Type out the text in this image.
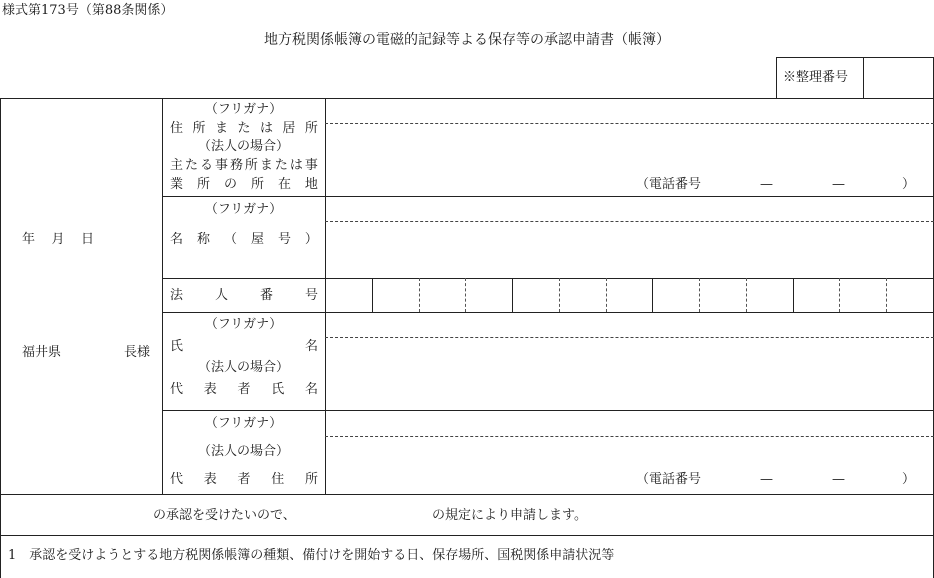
様式第173号（第88条関係）
地方税関係帳簿の電磁的記録等よる保存等の承認申請書（帳簿）
※整理番号
年 月 日
福井県	長様
（フリガナ）
住 所 ま た は 居 所
（法人の場合）
主 た る 事 務 所 ま た は 事
業 所 の 所 在 地	（電話番号	—	—	）
（フリガナ）
名 称 （ 屋 号 ）
法 人 番 号
（フリガナ）
氏	名
（法人の場合）
代 表 者 氏 名
（フリガナ）
（法人の場合）
代 表 者 住 所	（電話番号	—	—	）
の承認を受けたいので、	の規定により申請します。
1　承認を受けようとする地方税関係帳簿の種類、備付けを開始する日、保存場所、国税関係申請状況等
